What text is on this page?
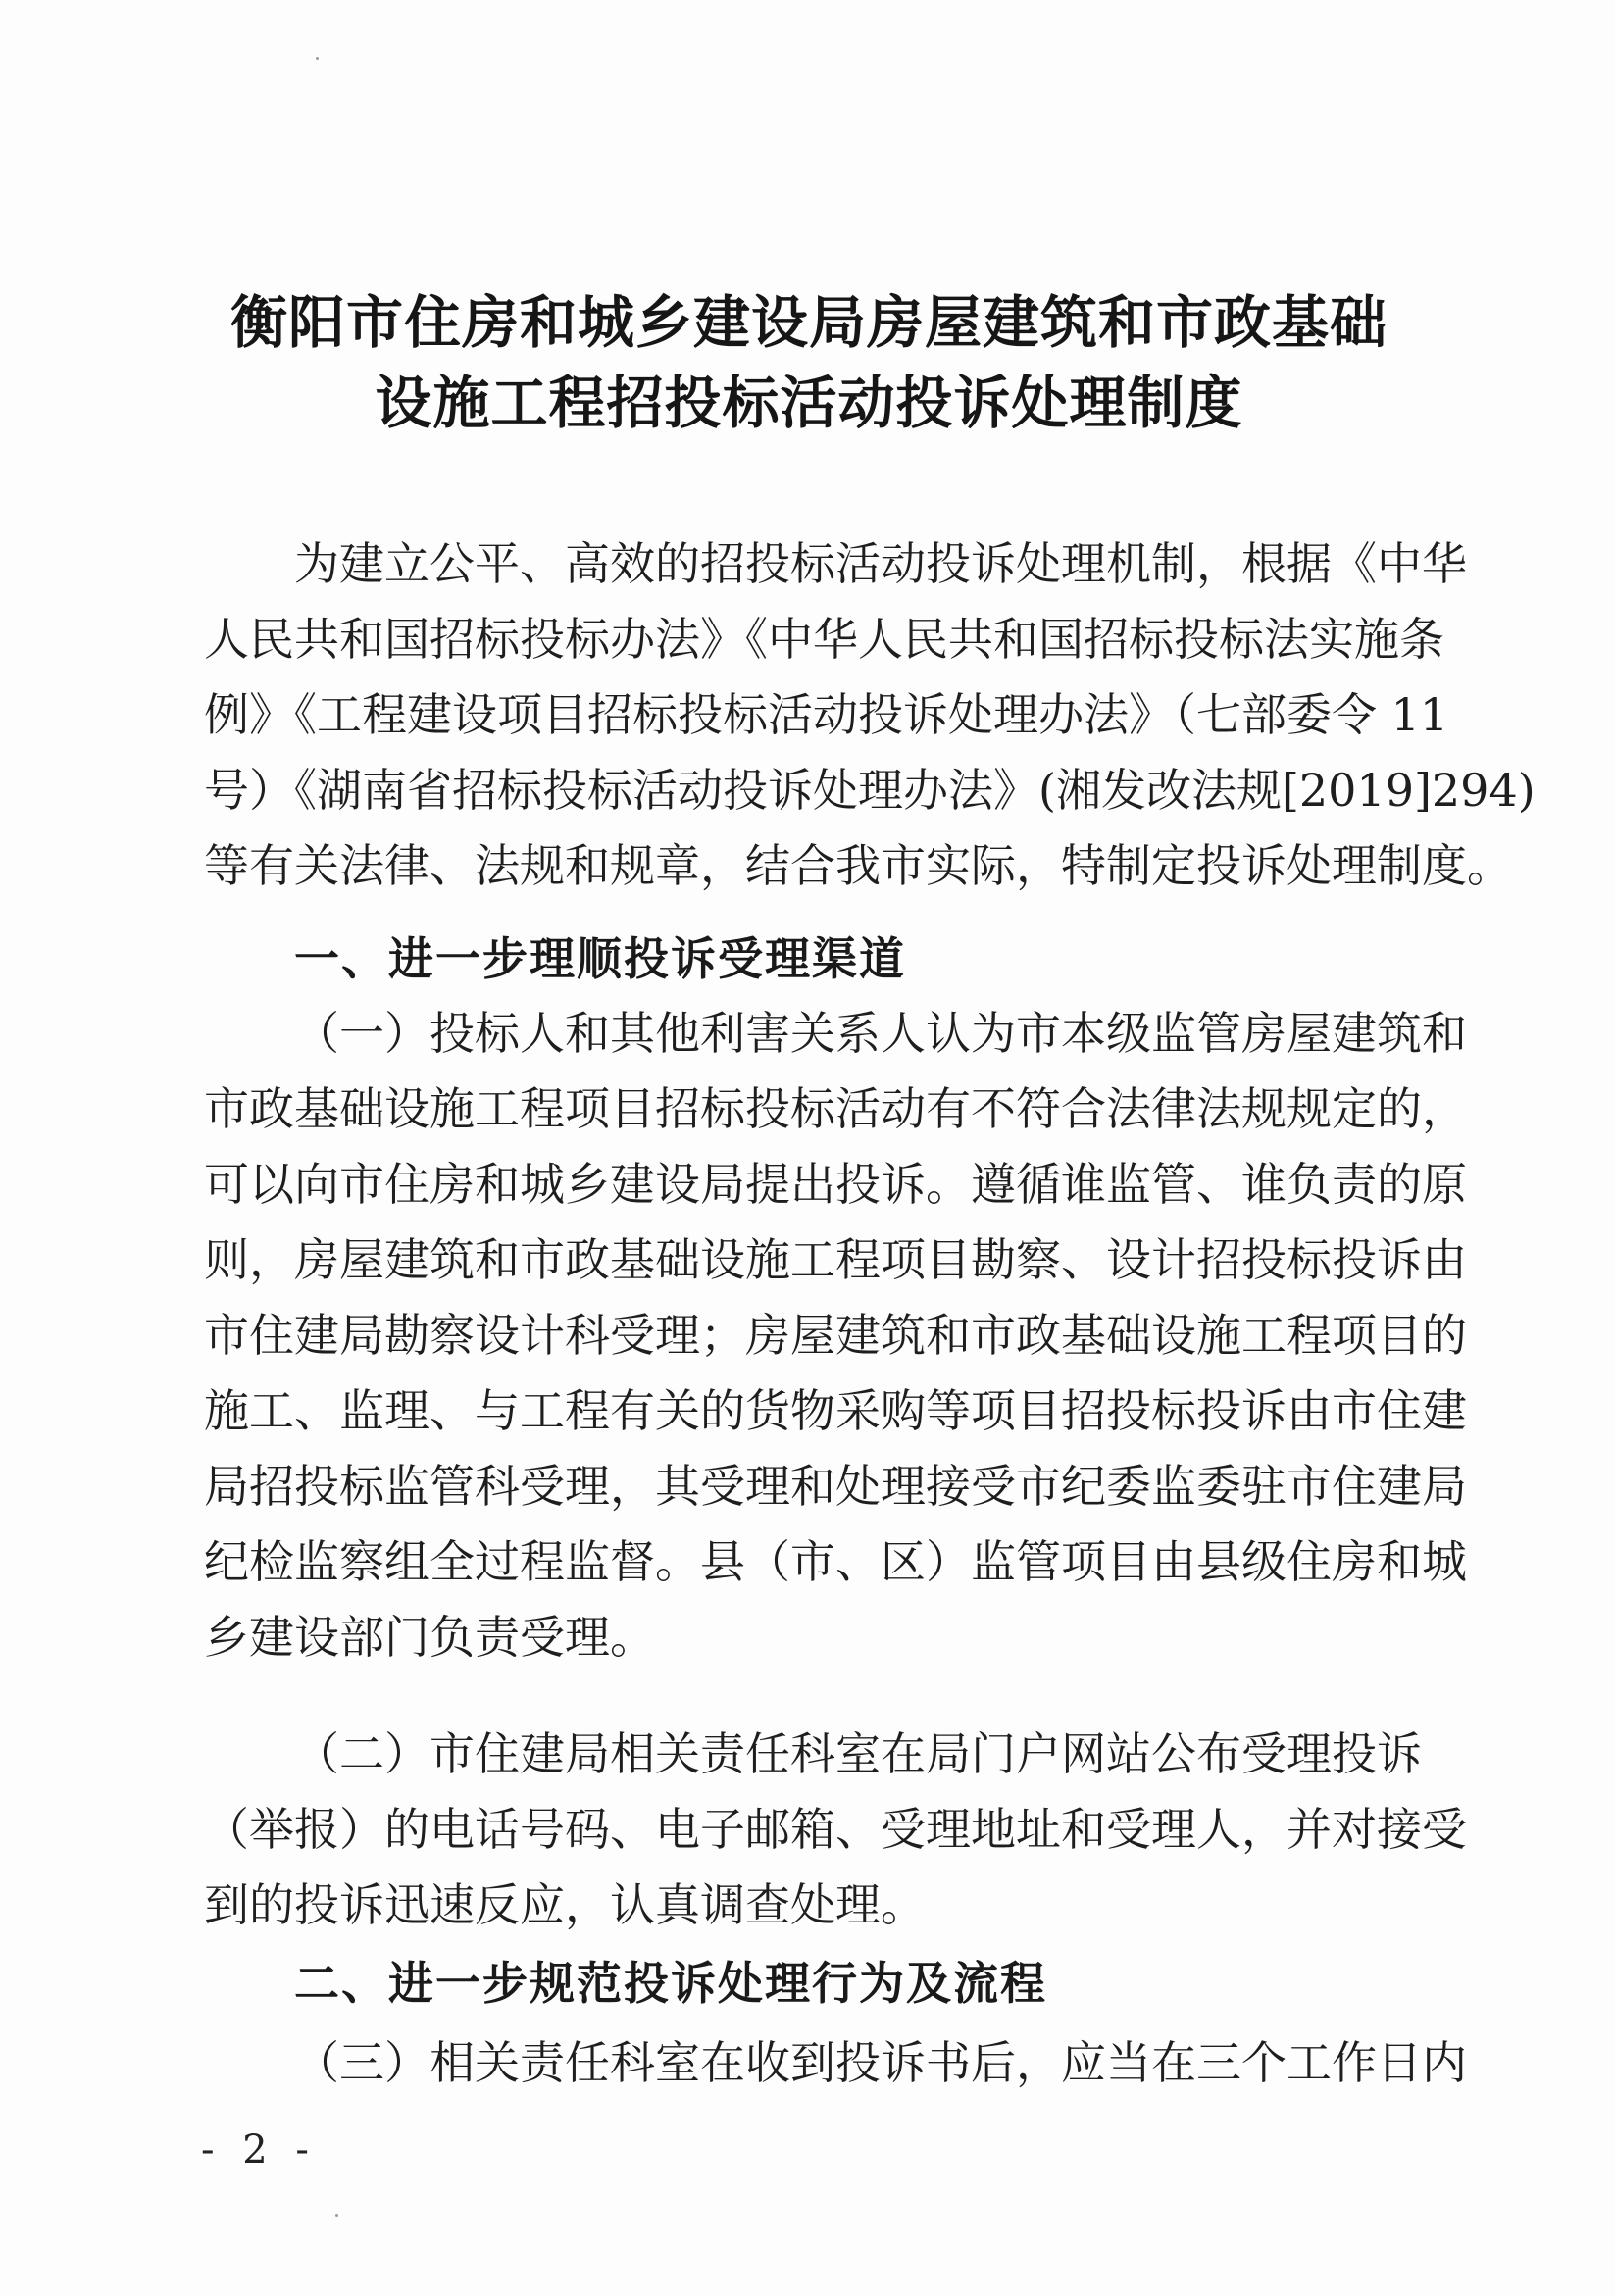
衡阳市住房和城乡建设局房屋建筑和市政基础
设施工程招投标活动投诉处理制度
为建立公平、高效的招投标活动投诉处理机制，根据《中华
人民共和国招标投标办法》《中华人民共和国招标投标法实施条
例》《工程建设项目招标投标活动投诉处理办法》（七部委令 11
号）《湖南省招标投标活动投诉处理办法》(湘发改法规[2019]294)
等有关法律、法规和规章，结合我市实际，特制定投诉处理制度。
一、进一步理顺投诉受理渠道
（一）投标人和其他利害关系人认为市本级监管房屋建筑和
市政基础设施工程项目招标投标活动有不符合法律法规规定的，
可以向市住房和城乡建设局提出投诉。遵循谁监管、谁负责的原
则，房屋建筑和市政基础设施工程项目勘察、设计招投标投诉由
市住建局勘察设计科受理；房屋建筑和市政基础设施工程项目的
施工、监理、与工程有关的货物采购等项目招投标投诉由市住建
局招投标监管科受理，其受理和处理接受市纪委监委驻市住建局
纪检监察组全过程监督。县（市、区）监管项目由县级住房和城
乡建设部门负责受理。
（二）市住建局相关责任科室在局门户网站公布受理投诉
（举报）的电话号码、电子邮箱、受理地址和受理人，并对接受
到的投诉迅速反应，认真调查处理。
二、进一步规范投诉处理行为及流程
（三）相关责任科室在收到投诉书后，应当在三个工作日内
- 2 -
